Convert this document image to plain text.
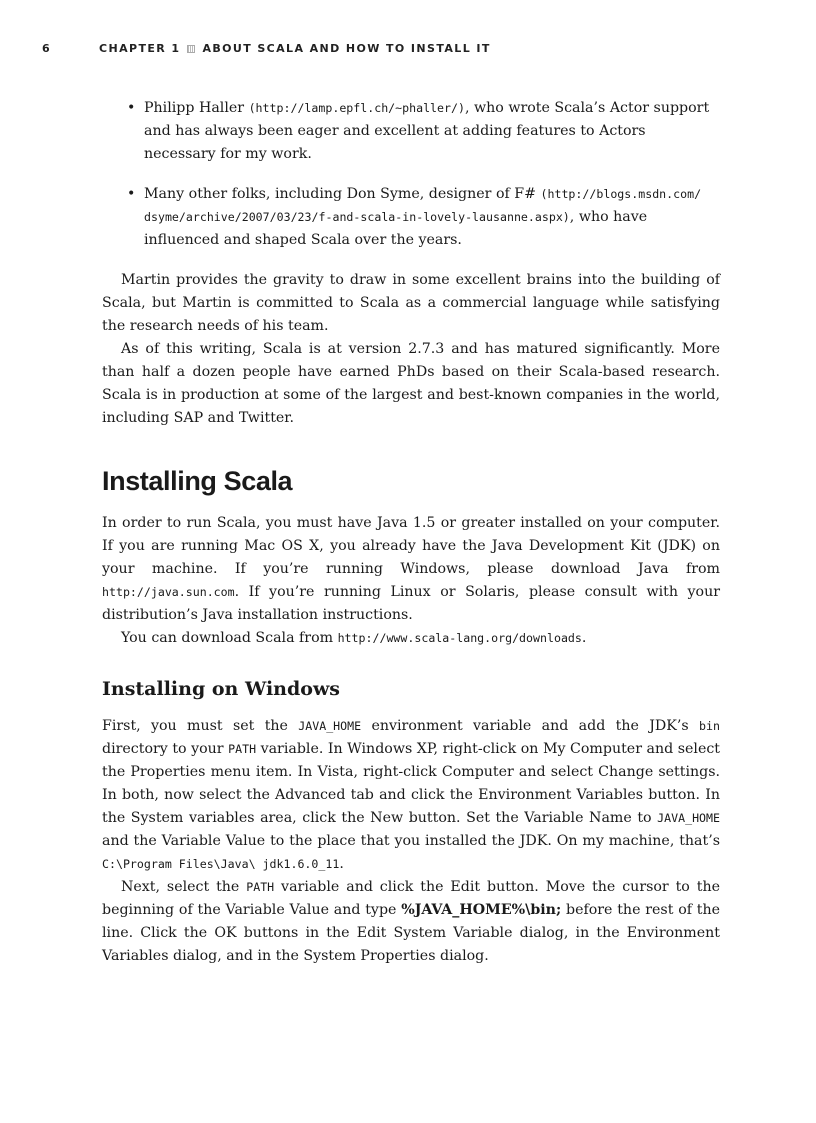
6	CHAPTER 1 ABOUT SCALA AND HOW TO INSTALL IT
• Philipp Haller (http://lamp.epfl.ch/~phaller/), who wrote Scala’s Actor support and has always been eager and excellent at adding features to Actors necessary for my work.
• Many other folks, including Don Syme, designer of F# (http://blogs.msdn.com/ dsyme/archive/2007/03/23/f-and-scala-in-lovely-lausanne.aspx), who have influenced and shaped Scala over the years.

Martin provides the gravity to draw in some excellent brains into the building of Scala, but Martin is committed to Scala as a commercial language while satisfying the research needs of his team.

As of this writing, Scala is at version 2.7.3 and has matured significantly. More than half a dozen people have earned PhDs based on their Scala-based research. Scala is in production at some of the largest and best-known companies in the world, including SAP and Twitter.

Installing Scala

In order to run Scala, you must have Java 1.5 or greater installed on your computer. If you are running Mac OS X, you already have the Java Development Kit (JDK) on your machine. If you’re running Windows, please download Java from http://java.sun.com. If you’re running Linux or Solaris, please consult with your distribution’s Java installation instructions.

You can download Scala from http://www.scala-lang.org/downloads.

Installing on Windows

First, you must set the JAVA_HOME environment variable and add the JDK’s bin directory to your PATH variable. In Windows XP, right-click on My Computer and select the Properties menu item. In Vista, right-click Computer and select Change settings. In both, now select the Advanced tab and click the Environment Variables button. In the System variables area, click the New button. Set the Variable Name to JAVA_HOME and the Variable Value to the place that you installed the JDK. On my machine, that’s C:\Program Files\Java\ jdk1.6.0_11.

Next, select the PATH variable and click the Edit button. Move the cursor to the beginning of the Variable Value and type %JAVA_HOME%\bin; before the rest of the line. Click the OK buttons in the Edit System Variable dialog, in the Environment Variables dialog, and in the System Properties dialog.
